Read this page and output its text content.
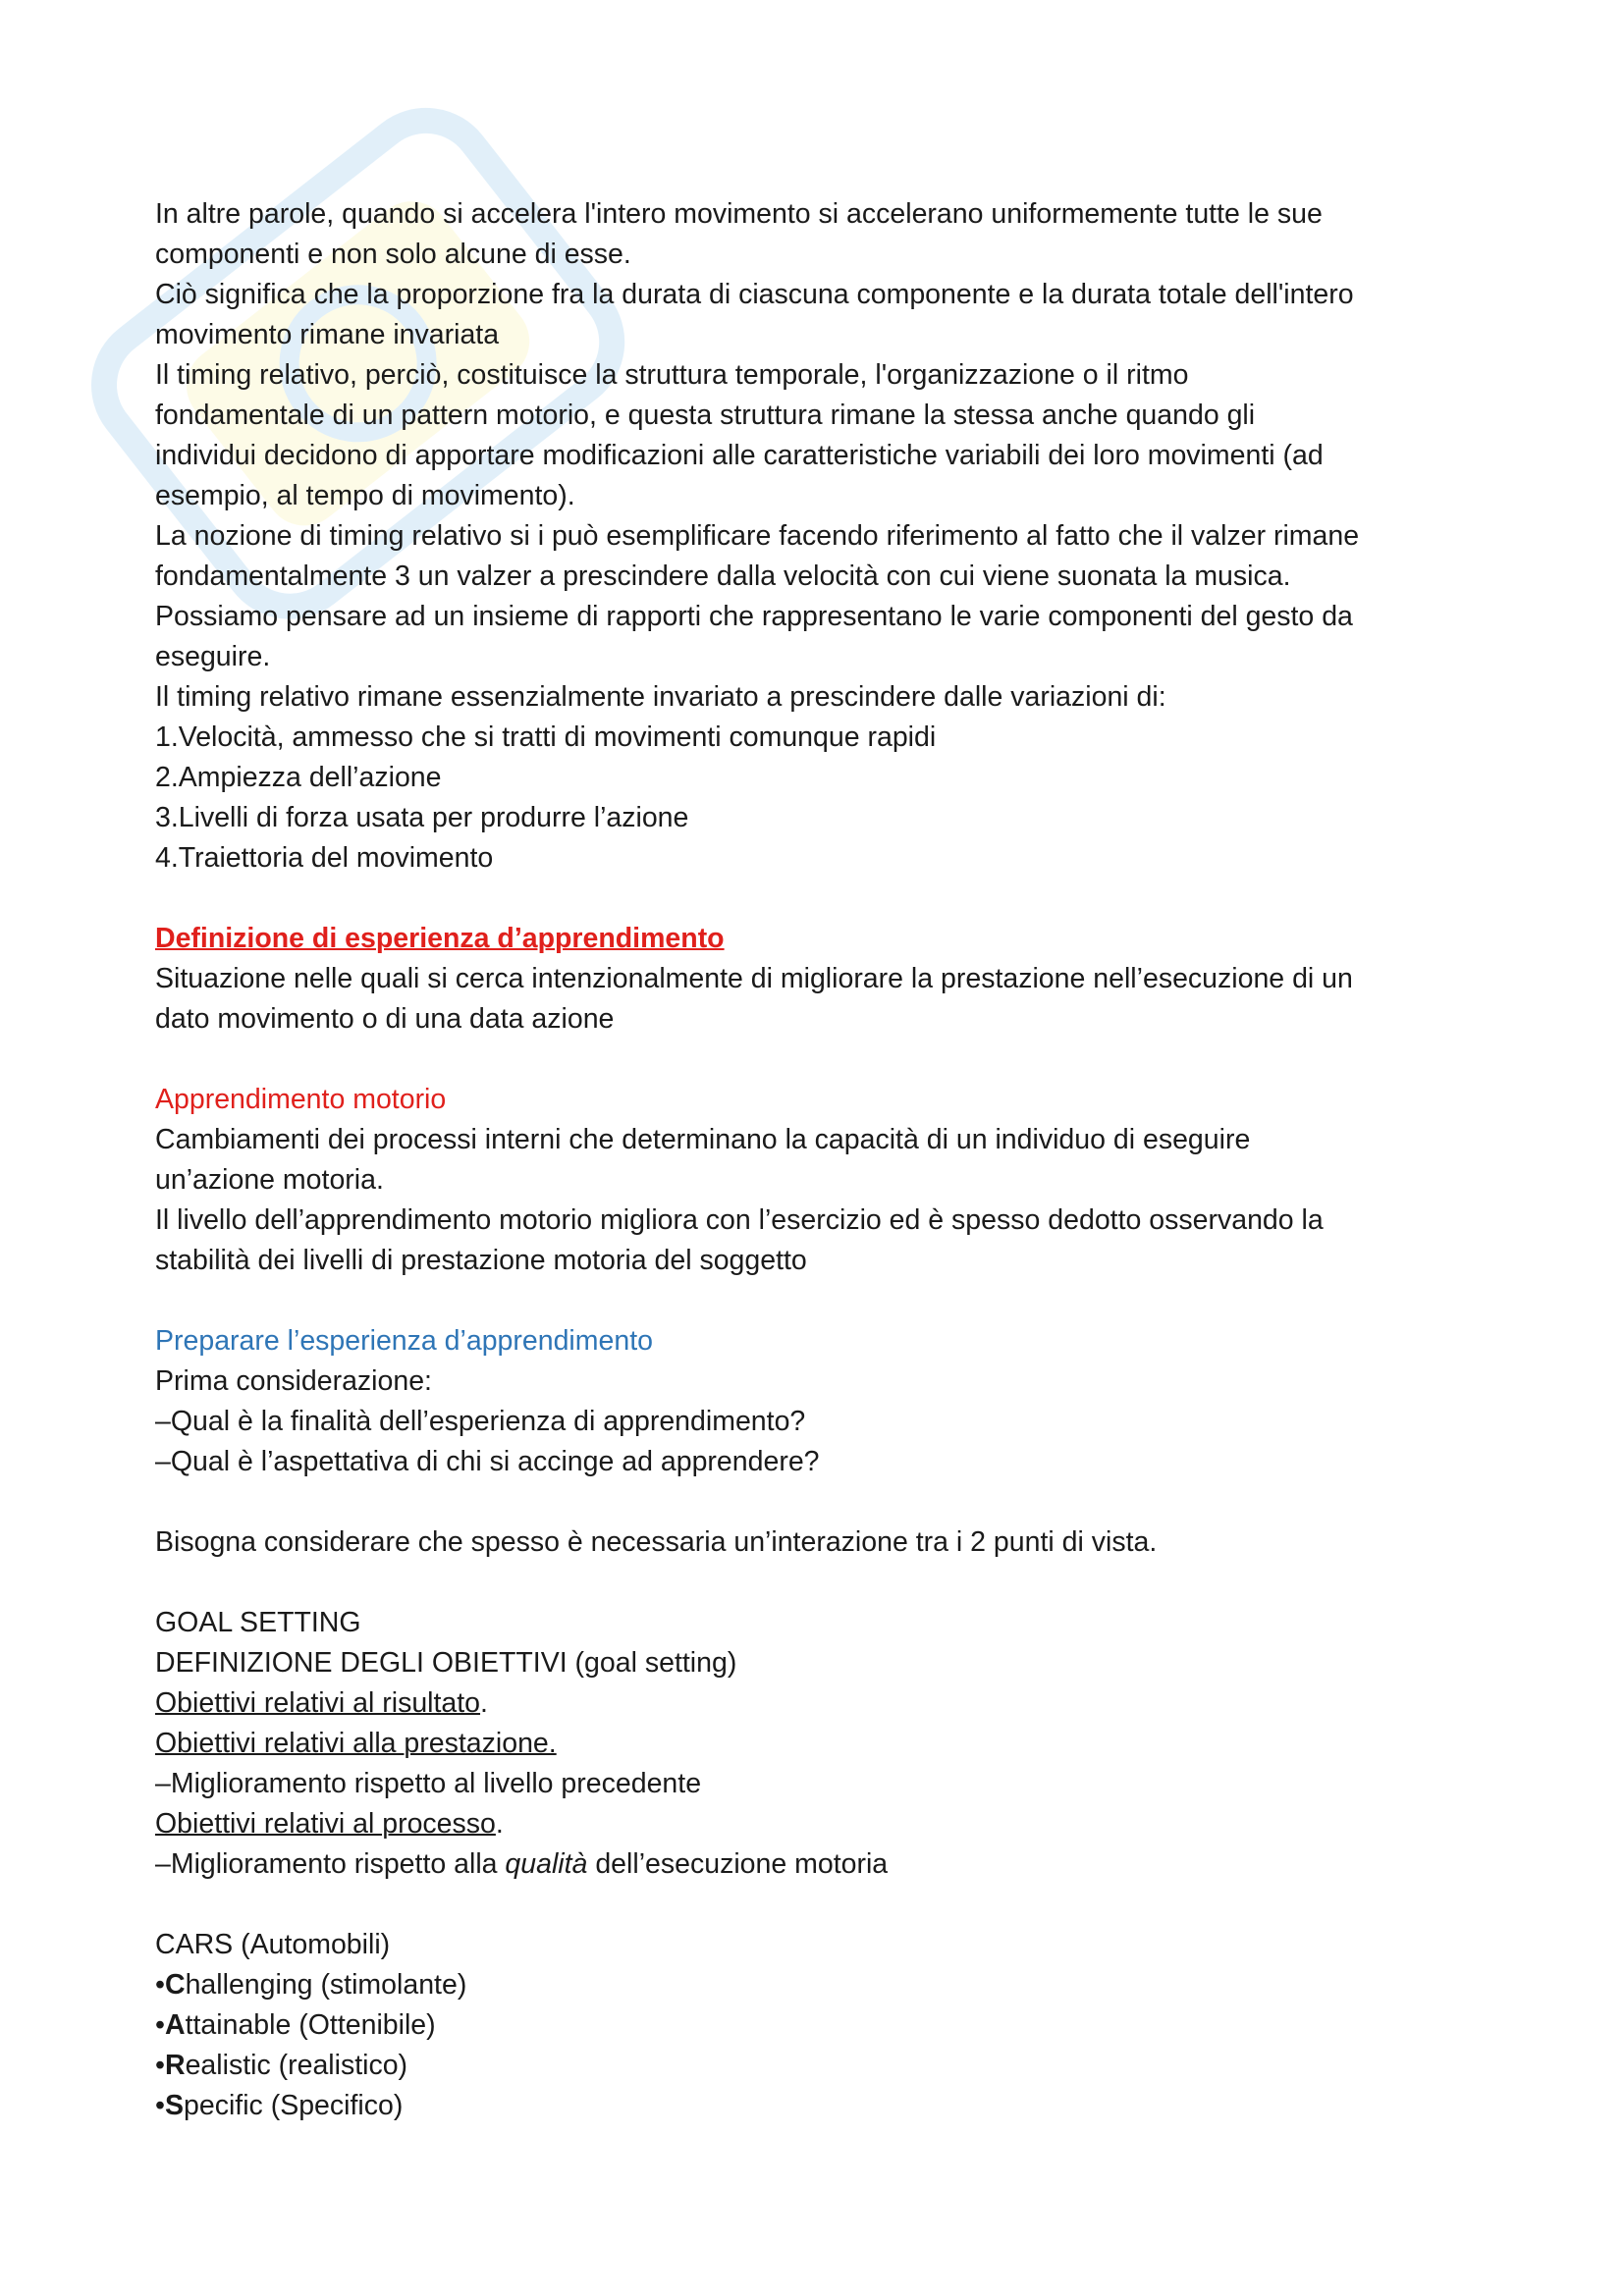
In altre parole, quando si accelera l'intero movimento si accelerano uniformemente tutte le sue

componenti e non solo alcune di esse.

Ciò significa che la proporzione fra la durata di ciascuna componente e la durata totale dell'intero

movimento rimane invariata

Il timing relativo, perciò, costituisce la struttura temporale, l'organizzazione o il ritmo

fondamentale di un pattern motorio, e questa struttura rimane la stessa anche quando gli

individui decidono di apportare modificazioni alle caratteristiche variabili dei loro movimenti (ad

esempio, al tempo di movimento).

La nozione di timing relativo si i può esemplificare facendo riferimento al fatto che il valzer rimane

fondamentalmente 3 un valzer a prescindere dalla velocità con cui viene suonata la musica.

Possiamo pensare ad un insieme di rapporti che rappresentano le varie componenti del gesto da

eseguire.

Il timing relativo rimane essenzialmente invariato a prescindere dalle variazioni di:

1.Velocità, ammesso che si tratti di movimenti comunque rapidi

2.Ampiezza dell’azione

3.Livelli di forza usata per produrre l’azione

4.Traiettoria del movimento

Definizione di esperienza d’apprendimento

Situazione nelle quali si cerca intenzionalmente di migliorare la prestazione nell’esecuzione di un

dato movimento o di una data azione

Apprendimento motorio

Cambiamenti dei processi interni che determinano la capacità di un individuo di eseguire

un’azione motoria.

Il livello dell’apprendimento motorio migliora con l’esercizio ed è spesso dedotto osservando la

stabilità dei livelli di prestazione motoria del soggetto

Preparare l’esperienza d’apprendimento

Prima considerazione:

–Qual è la finalità dell’esperienza di apprendimento?

–Qual è l’aspettativa di chi si accinge ad apprendere?

Bisogna considerare che spesso è necessaria un’interazione tra i 2 punti di vista.

GOAL SETTING

DEFINIZIONE DEGLI OBIETTIVI (goal setting)

Obiettivi relativi al risultato.

Obiettivi relativi alla prestazione.

–Miglioramento rispetto al livello precedente

Obiettivi relativi al processo.

–Miglioramento rispetto alla qualità dell’esecuzione motoria

CARS (Automobili)

•Challenging (stimolante)

•Attainable (Ottenibile)

•Realistic (realistico)

•Specific (Specifico)
